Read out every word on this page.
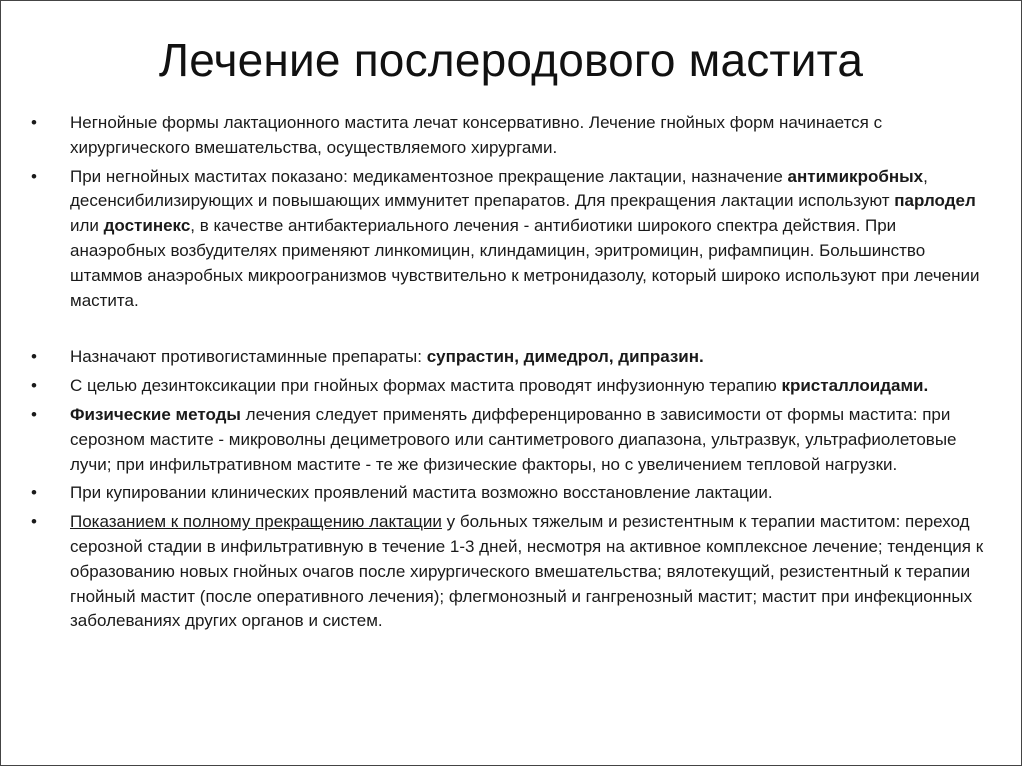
Лечение послеродового мастита
• Негнойные формы лактационного мастита лечат консервативно. Лечение гнойных форм начинается с хирургического вмешательства, осуществляемого хирургами.
• При негнойных маститах показано: медикаментозное прекращение лактации, назначение антимикробных, десенсибилизирующих и повышающих иммунитет препаратов. Для прекращения лактации используют парлодел или достинекс, в качестве антибактериального лечения - антибиотики широкого спектра действия. При анаэробных возбудителях применяют линкомицин, клиндамицин, эритромицин, рифампицин. Большинство штаммов анаэробных микроогранизмов чувствительно к метронидазолу, который широко используют при лечении мастита.
• Назначают противогистаминные препараты: супрастин, димедрол, дипразин.
• С целью дезинтоксикации при гнойных формах мастита проводят инфузионную терапию кристаллоидами.
• Физические методы лечения следует применять дифференцированно в зависимости от формы мастита: при серозном мастите - микроволны дециметрового или сантиметрового диапазона, ультразвук, ультрафиолетовые лучи; при инфильтративном мастите - те же физические факторы, но с увеличением тепловой нагрузки.
• При купировании клинических проявлений мастита возможно восстановление лактации.
• Показанием к полному прекращению лактации у больных тяжелым и резистентным к терапии маститом: переход серозной стадии в инфильтративную в течение 1-3 дней, несмотря на активное комплексное лечение; тенденция к образованию новых гнойных очагов после хирургического вмешательства; вялотекущий, резистентный к терапии гнойный мастит (после оперативного лечения); флегмонозный и гангренозный мастит; мастит при инфекционных заболеваниях других органов и систем.
